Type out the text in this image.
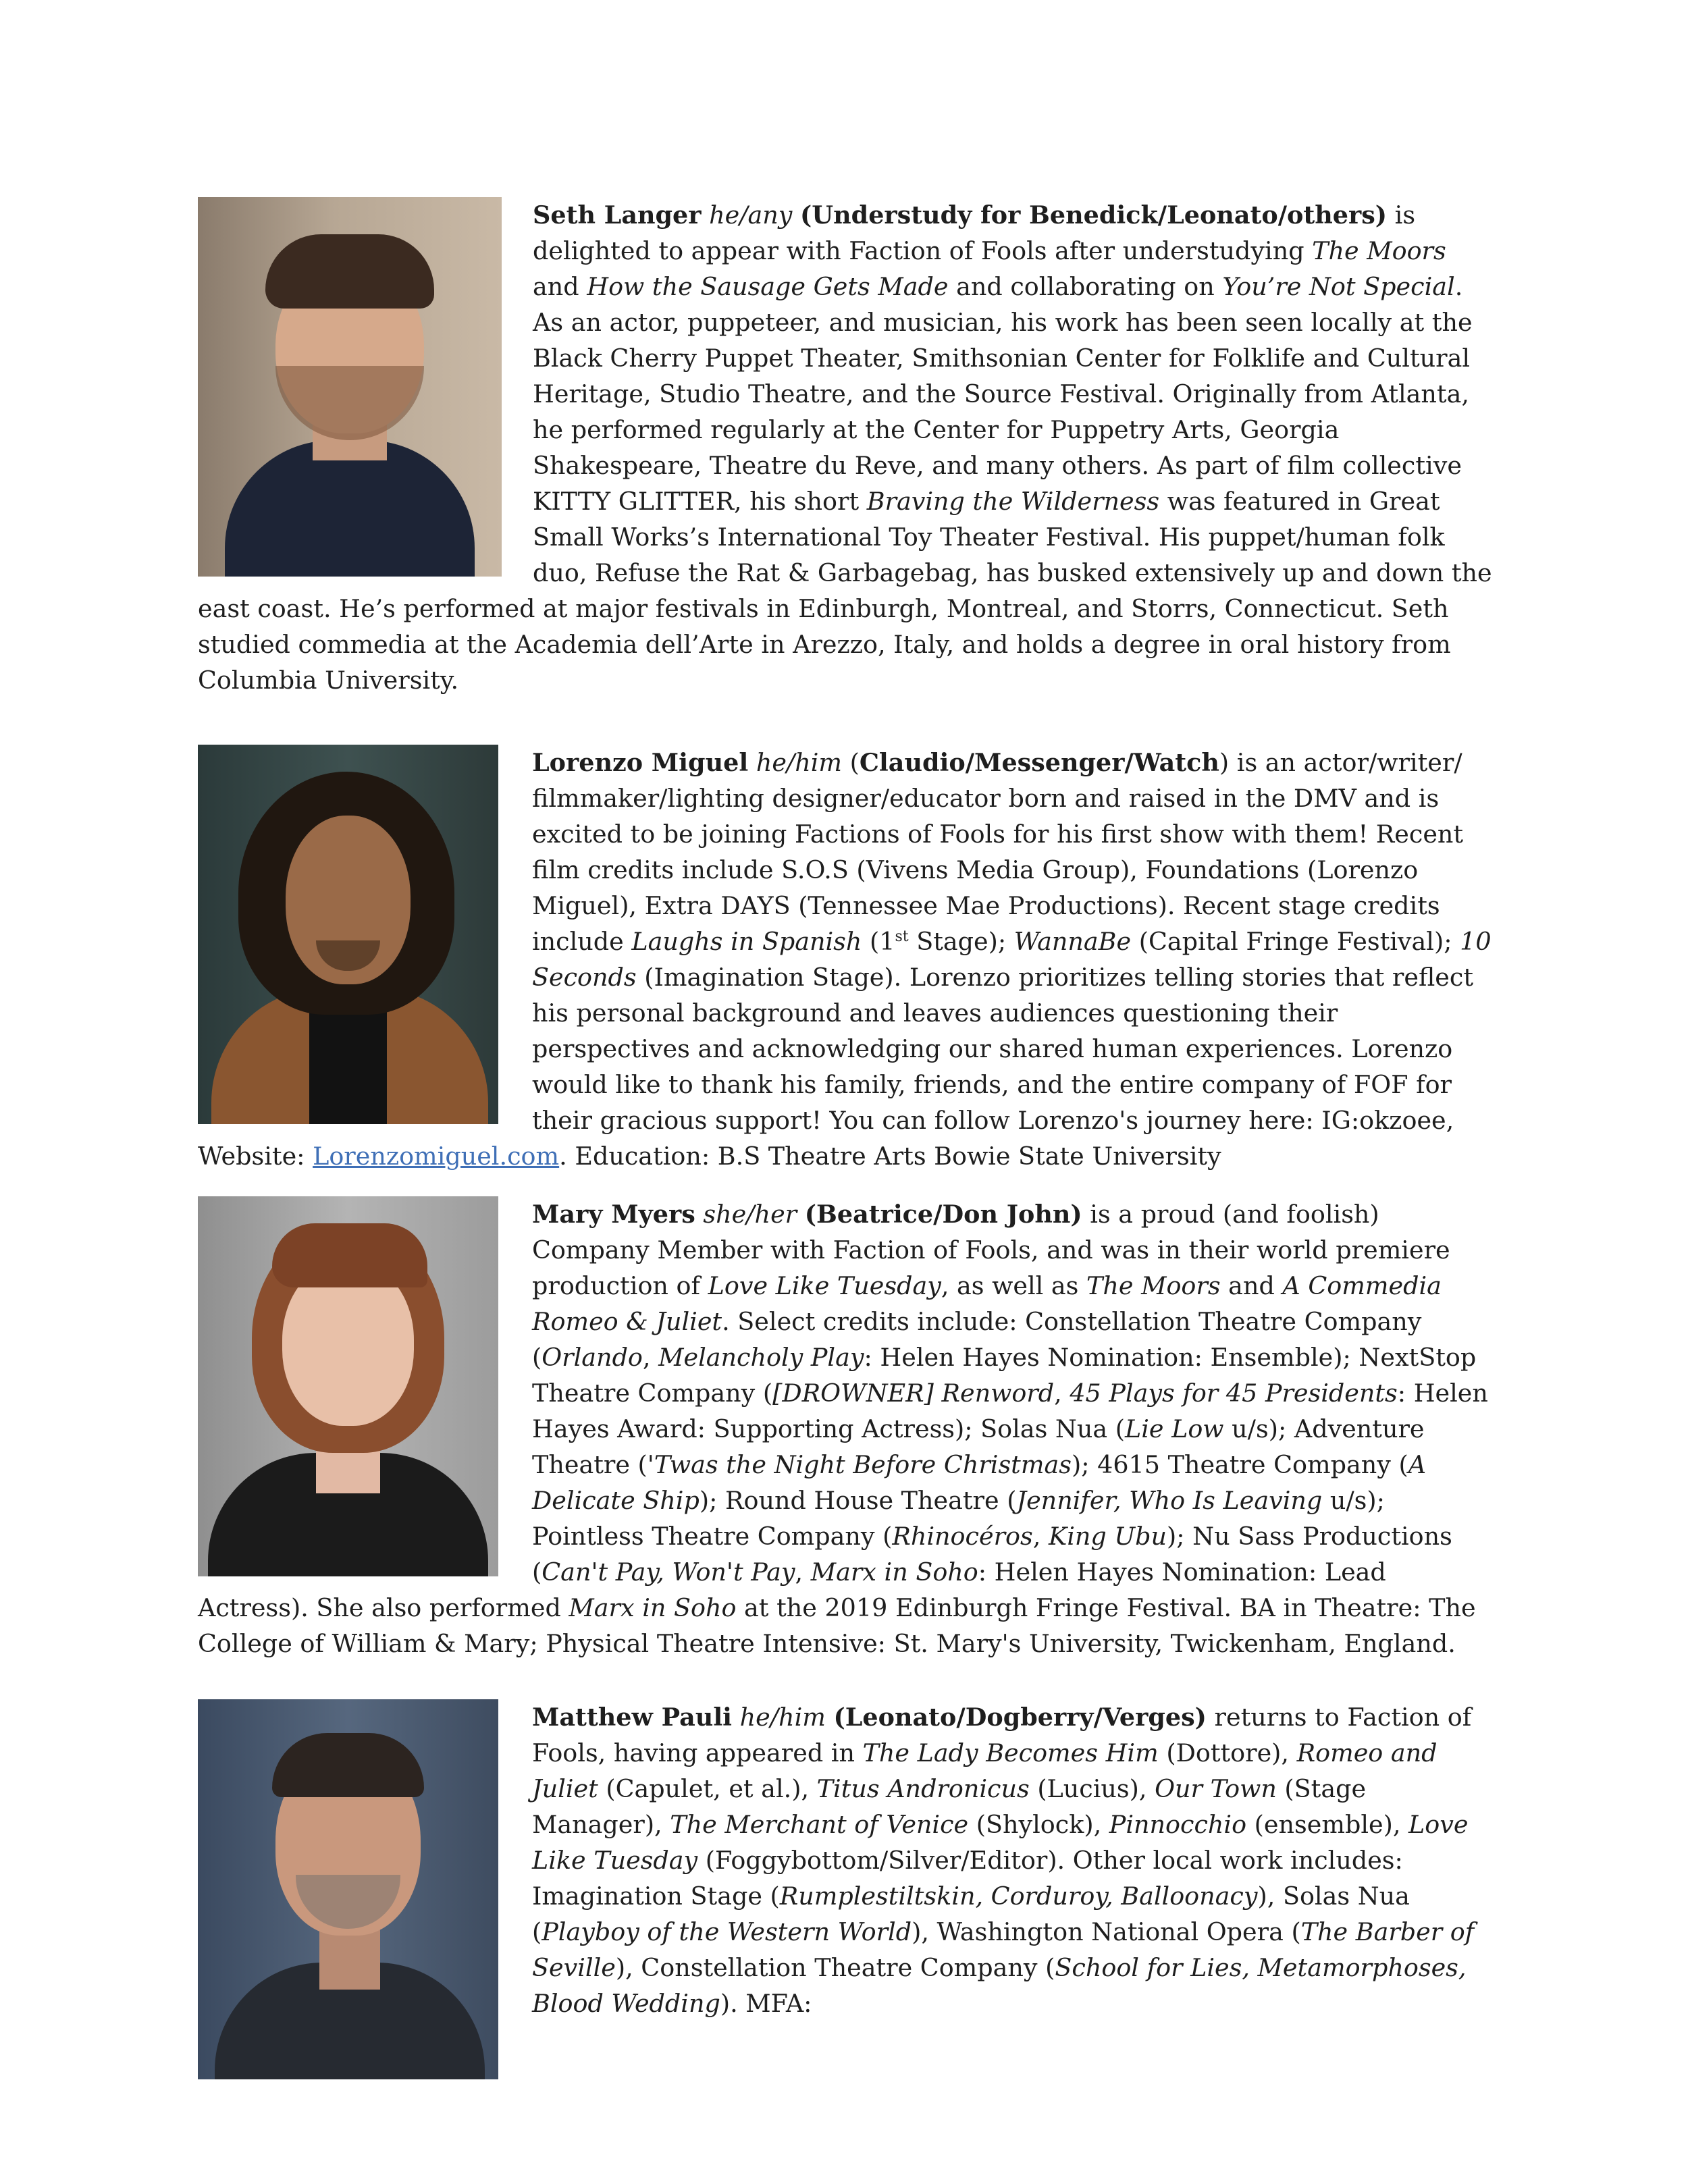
Seth Langer he/any (Understudy for Benedick/Leonato/others) is delighted to appear with Faction of Fools after understudying The Moors and How the Sausage Gets Made and collaborating on You’re Not Special. As an actor, puppeteer, and musician, his work has been seen locally at the Black Cherry Puppet Theater, Smithsonian Center for Folklife and Cultural Heritage, Studio Theatre, and the Source Festival. Originally from Atlanta, he performed regularly at the Center for Puppetry Arts, Georgia Shakespeare, Theatre du Reve, and many others. As part of film collective KITTY GLITTER, his short Braving the Wilderness was featured in Great Small Works’s International Toy Theater Festival. His puppet/human folk duo, Refuse the Rat & Garbagebag, has busked extensively up and down the east coast. He’s performed at major festivals in Edinburgh, Montreal, and Storrs, Connecticut. Seth studied commedia at the Academia dell’Arte in Arezzo, Italy, and holds a degree in oral history from Columbia University.

Lorenzo Miguel he/him (Claudio/Messenger/Watch) is an actor/writer/ filmmaker/lighting designer/educator born and raised in the DMV and is excited to be joining Factions of Fools for his first show with them! Recent film credits include S.O.S (Vivens Media Group), Foundations (Lorenzo Miguel), Extra DAYS (Tennessee Mae Productions). Recent stage credits include Laughs in Spanish (1st Stage); WannaBe (Capital Fringe Festival); 10 Seconds (Imagination Stage). Lorenzo prioritizes telling stories that reflect his personal background and leaves audiences questioning their perspectives and acknowledging our shared human experiences. Lorenzo would like to thank his family, friends, and the entire company of FOF for their gracious support! You can follow Lorenzo's journey here: IG:okzoee, Website: Lorenzomiguel.com. Education: B.S Theatre Arts Bowie State University

Mary Myers she/her (Beatrice/Don John) is a proud (and foolish) Company Member with Faction of Fools, and was in their world premiere production of Love Like Tuesday, as well as The Moors and A Commedia Romeo & Juliet. Select credits include: Constellation Theatre Company (Orlando, Melancholy Play: Helen Hayes Nomination: Ensemble); NextStop Theatre Company ([DROWNER] Renword, 45 Plays for 45 Presidents: Helen Hayes Award: Supporting Actress); Solas Nua (Lie Low u/s); Adventure Theatre ('Twas the Night Before Christmas); 4615 Theatre Company (A Delicate Ship); Round House Theatre (Jennifer, Who Is Leaving u/s); Pointless Theatre Company (Rhinocéros, King Ubu); Nu Sass Productions (Can't Pay, Won't Pay, Marx in Soho: Helen Hayes Nomination: Lead Actress). She also performed Marx in Soho at the 2019 Edinburgh Fringe Festival. BA in Theatre: The College of William & Mary; Physical Theatre Intensive: St. Mary's University, Twickenham, England.

Matthew Pauli he/him (Leonato/Dogberry/Verges) returns to Faction of Fools, having appeared in The Lady Becomes Him (Dottore), Romeo and Juliet (Capulet, et al.), Titus Andronicus (Lucius), Our Town (Stage Manager), The Merchant of Venice (Shylock), Pinnocchio (ensemble), Love Like Tuesday (Foggybottom/Silver/Editor). Other local work includes: Imagination Stage (Rumplestiltskin, Corduroy, Balloonacy), Solas Nua (Playboy of the Western World), Washington National Opera (The Barber of Seville), Constellation Theatre Company (School for Lies, Metamorphoses, Blood Wedding). MFA:
